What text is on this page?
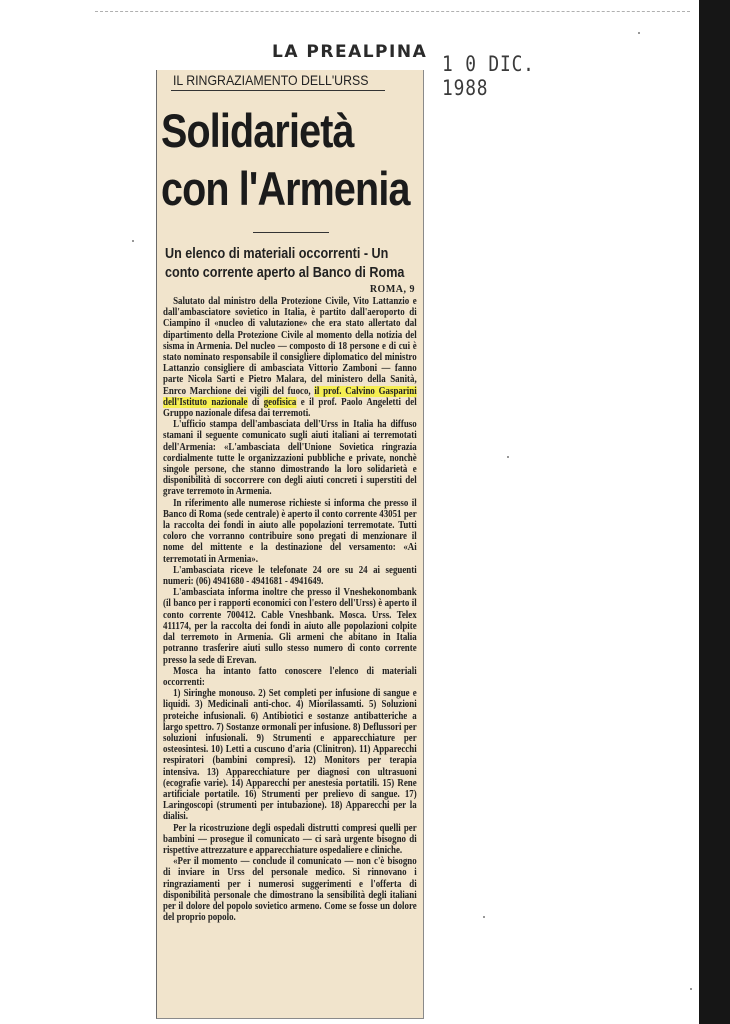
LA PREALPINA 1 0 DIC. 1988
IL RINGRAZIAMENTO DELL'URSS
Solidarietà
con l'Armenia
Un elenco di materiali occorrenti - Un conto corrente aperto al Banco di Roma
ROMA, 9

Salutato dal ministro della Protezione Civile, Vito Lattanzio e dall'ambasciatore sovietico in Italia, è partito dall'aeroporto di Ciampino il «nucleo di valutazione» che era stato allertato dal dipartimento della Protezione Civile al momento della notizia del sisma in Armenia. Del nucleo — composto di 18 persone e di cui è stato nominato responsabile il consigliere diplomatico del ministro Lattanzio consigliere di ambasciata Vittorio Zamboni — fanno parte Nicola Sarti e Pietro Malara, del ministero della Sanità, Enrco Marchione dei vigili del fuoco, il prof. Calvino Gasparini dell'Istituto nazionale di geofisica e il prof. Paolo Angeletti del Gruppo nazionale difesa dai terremoti.

L'ufficio stampa dell'ambasciata dell'Urss in Italia ha diffuso stamani il seguente comunicato sugli aiuti italiani ai terremotati dell'Armenia: «L'ambasciata dell'Unione Sovietica ringrazia cordialmente tutte le organizzazioni pubbliche e private, nonchè singole persone, che stanno dimostrando la loro solidarietà e disponibilità di soccorrere con degli aiuti concreti i superstiti del grave terremoto in Armenia.

In riferimento alle numerose richieste si informa che presso il Banco di Roma (sede centrale) è aperto il conto corrente 43051 per la raccolta dei fondi in aiuto alle popolazioni terremotate. Tutti coloro che vorranno contribuire sono pregati di menzionare il nome del mittente e la destinazione del versamento: «Ai terremotati in Armenia».

L'ambasciata riceve le telefonate 24 ore su 24 ai seguenti numeri: (06) 4941680 - 4941681 - 4941649.

L'ambasciata informa inoltre che presso il Vneshekonombank (il banco per i rapporti economici con l'estero dell'Urss) è aperto il conto corrente 700412. Cable Vneshbank. Mosca. Urss. Telex 411174, per la raccolta dei fondi in aiuto alle popolazioni colpite dal terremoto in Armenia. Gli armeni che abitano in Italia potranno trasferire aiuti sullo stesso numero di conto corrente presso la sede di Erevan.

Mosca ha intanto fatto conoscere l'elenco di materiali occorrenti:

1) Siringhe monouso. 2) Set completi per infusione di sangue e liquidi. 3) Medicinali anti-choc. 4) Miorilassamti. 5) Soluzioni proteiche infusionali. 6) Antibiotici e sostanze antibatteriche a largo spettro. 7) Sostanze ormonali per infusione. 8) Deflussori per soluzioni infusionali. 9) Strumenti e apparecchiature per osteosintesi. 10) Letti a cuscuno d'aria (Clinitron). 11) Apparecchi respiratori (bambini compresi). 12) Monitors per terapia intensiva. 13) Apparecchiature per diagnosi con ultrasuoni (ecografie varie). 14) Apparecchi per anestesia portatili. 15) Rene artificiale portatile. 16) Strumenti per prelievo di sangue. 17) Laringoscopi (strumenti per intubazione). 18) Apparecchi per la dialisi.

Per la ricostruzione degli ospedali distrutti compresi quelli per bambini — prosegue il comunicato — ci sarà urgente bisogno di rispettive attrezzature e apparecchiature ospedaliere e cliniche.

«Per il momento — conclude il comunicato — non c'è bisogno di inviare in Urss del personale medico. Si rinnovano i ringraziamenti per i numerosi suggerimenti e l'offerta di disponibilità personale che dimostrano la sensibilità degli italiani per il dolore del popolo sovietico armeno. Come se fosse un dolore del proprio popolo.
